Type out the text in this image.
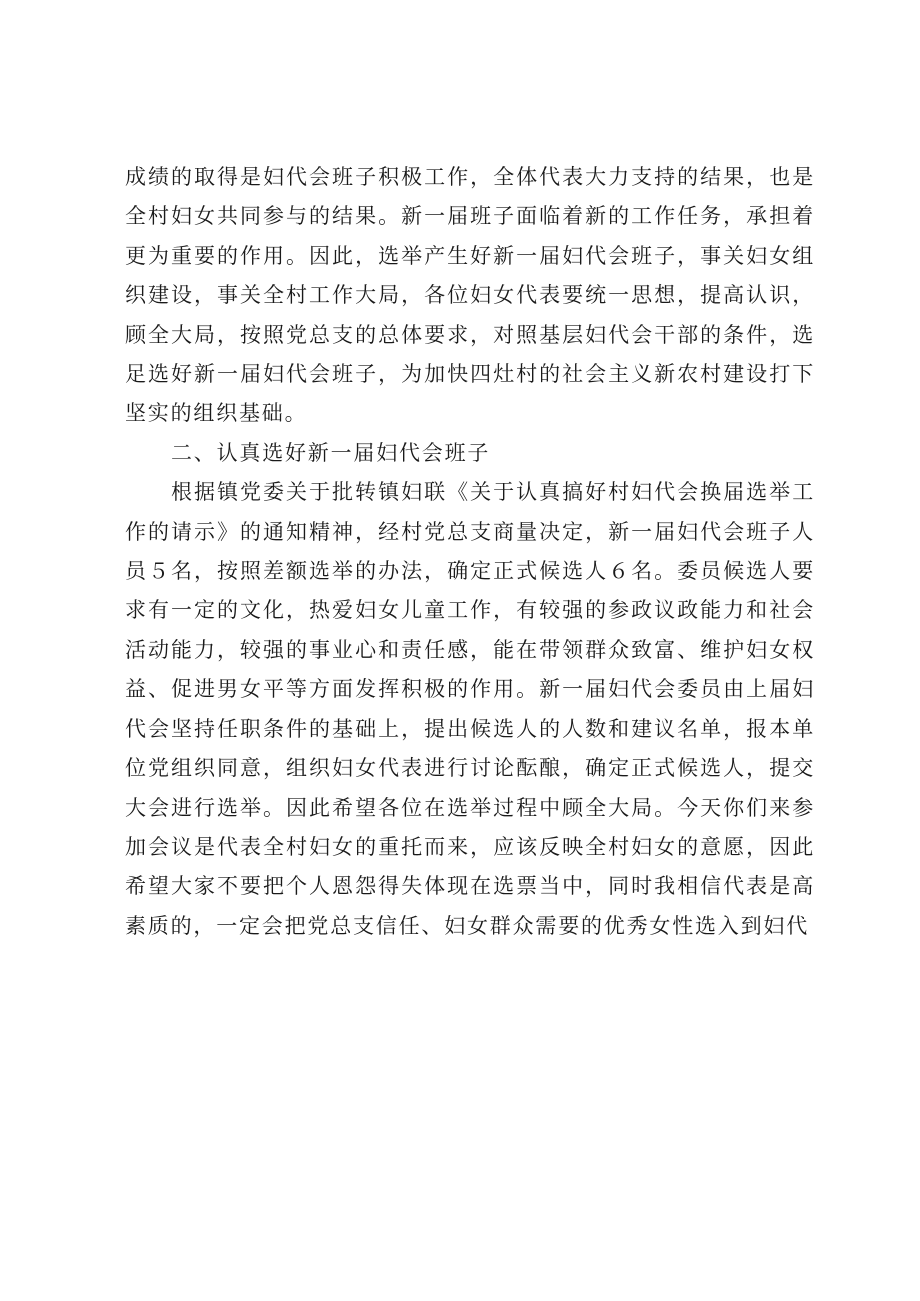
成绩的取得是妇代会班子积极工作，全体代表大力支持的结果，也是全村妇女共同参与的结果。新一届班子面临着新的工作任务，承担着更为重要的作用。因此，选举产生好新一届妇代会班子，事关妇女组织建设，事关全村工作大局，各位妇女代表要统一思想，提高认识，顾全大局，按照党总支的总体要求，对照基层妇代会干部的条件，选足选好新一届妇代会班子，为加快四灶村的社会主义新农村建设打下坚实的组织基础。

二、认真选好新一届妇代会班子

根据镇党委关于批转镇妇联《关于认真搞好村妇代会换届选举工作的请示》的通知精神，经村党总支商量决定，新一届妇代会班子人员５名，按照差额选举的办法，确定正式候选人６名。委员候选人要求有一定的文化，热爱妇女儿童工作，有较强的参政议政能力和社会活动能力，较强的事业心和责任感，能在带领群众致富、维护妇女权益、促进男女平等方面发挥积极的作用。新一届妇代会委员由上届妇代会坚持任职条件的基础上，提出候选人的人数和建议名单，报本单位党组织同意，组织妇女代表进行讨论酝酿，确定正式候选人，提交大会进行选举。因此希望各位在选举过程中顾全大局。今天你们来参加会议是代表全村妇女的重托而来，应该反映全村妇女的意愿，因此希望大家不要把个人恩怨得失体现在选票当中，同时我相信代表是高素质的，一定会把党总支信任、妇女群众需要的优秀女性选入到妇代
